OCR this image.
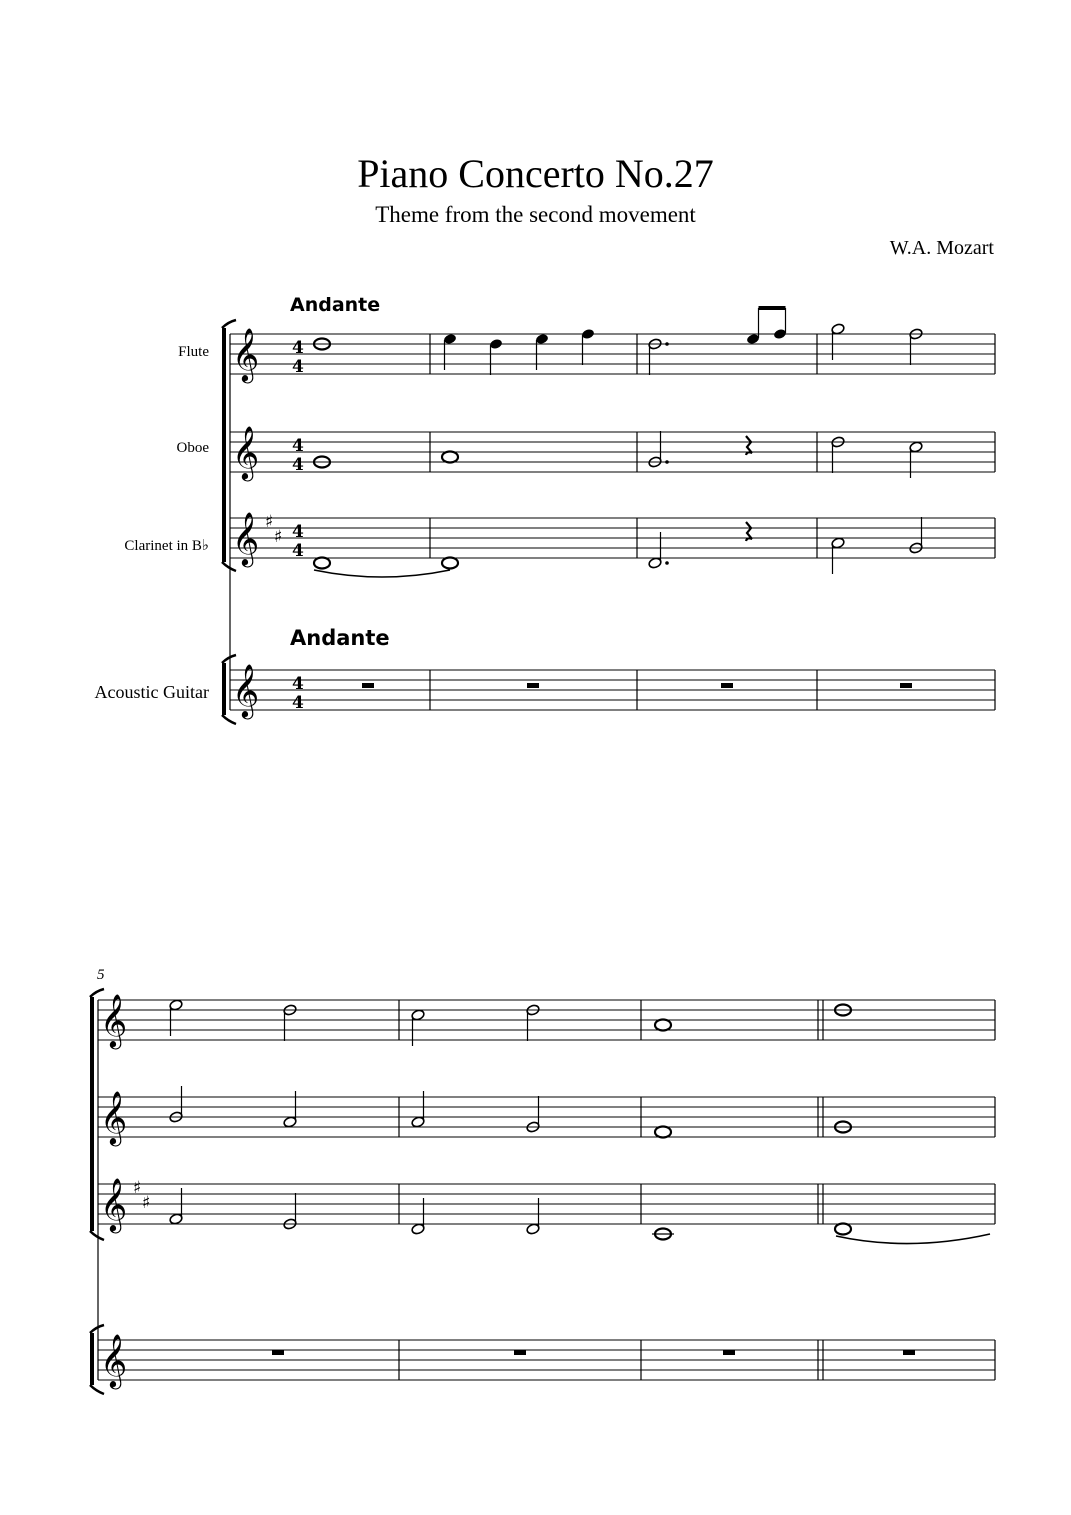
Piano Concerto No.27
Theme from the second movement
W.A. Mozart
Andante
Andante
Flute
Oboe
Clarinet in B♭
Acoustic Guitar
𝄞
𝄞
𝄞
𝄞
♯
♯
4
4
4
4
4
4
4
4
5
𝄞
𝄞
𝄞
𝄞
♯
♯
